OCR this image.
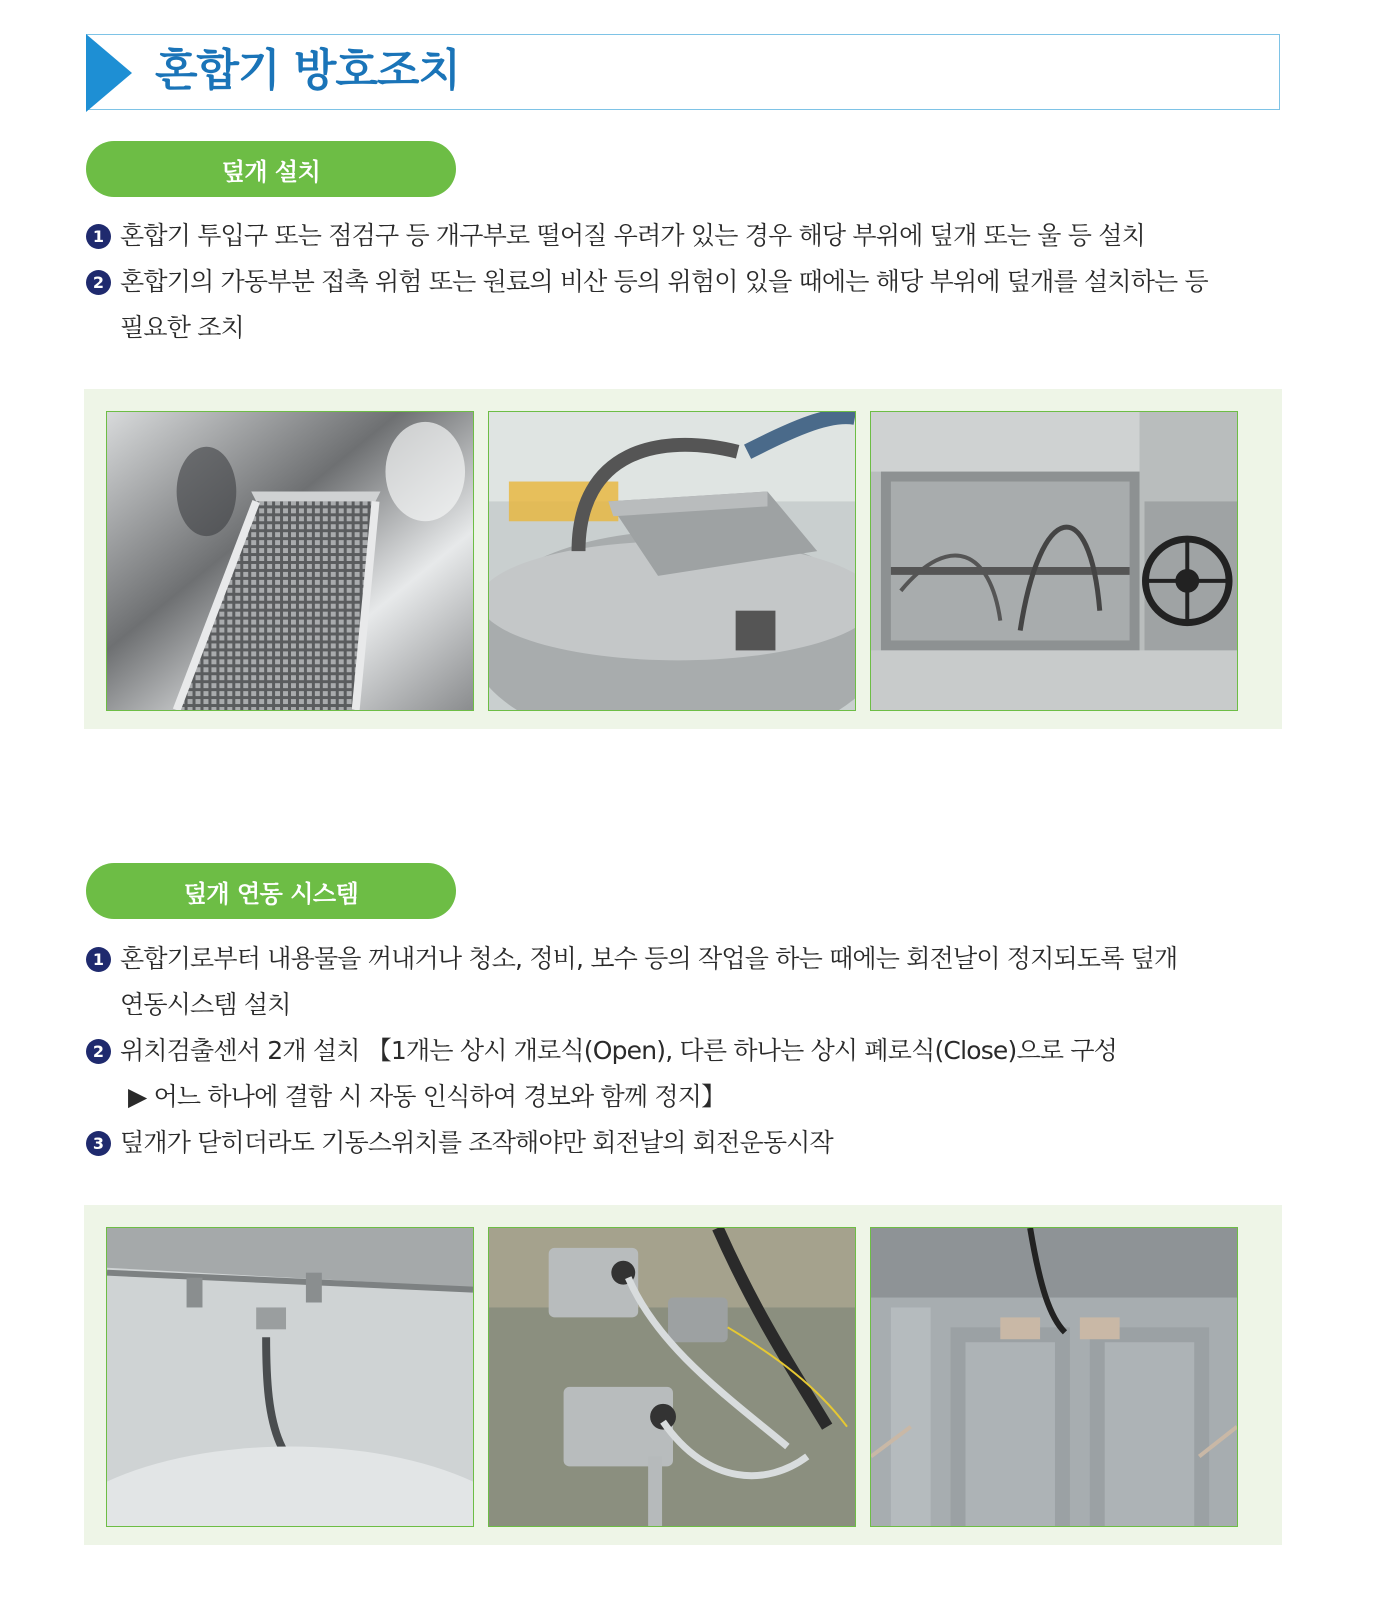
혼합기 방호조치
덮개 설치
1 혼합기 투입구 또는 점검구 등 개구부로 떨어질 우려가 있는 경우 해당 부위에 덮개 또는 울 등 설치
2 혼합기의 가동부분 접촉 위험 또는 원료의 비산 등의 위험이 있을 때에는 해당 부위에 덮개를 설치하는 등
필요한 조치
덮개 연동 시스템
1 혼합기로부터 내용물을 꺼내거나 청소, 정비, 보수 등의 작업을 하는 때에는 회전날이 정지되도록 덮개
연동시스템 설치
2 위치검출센서 2개 설치 【1개는 상시 개로식(Open), 다른 하나는 상시 폐로식(Close)으로 구성
▶ 어느 하나에 결함 시 자동 인식하여 경보와 함께 정지】
3 덮개가 닫히더라도 기동스위치를 조작해야만 회전날의 회전운동시작
